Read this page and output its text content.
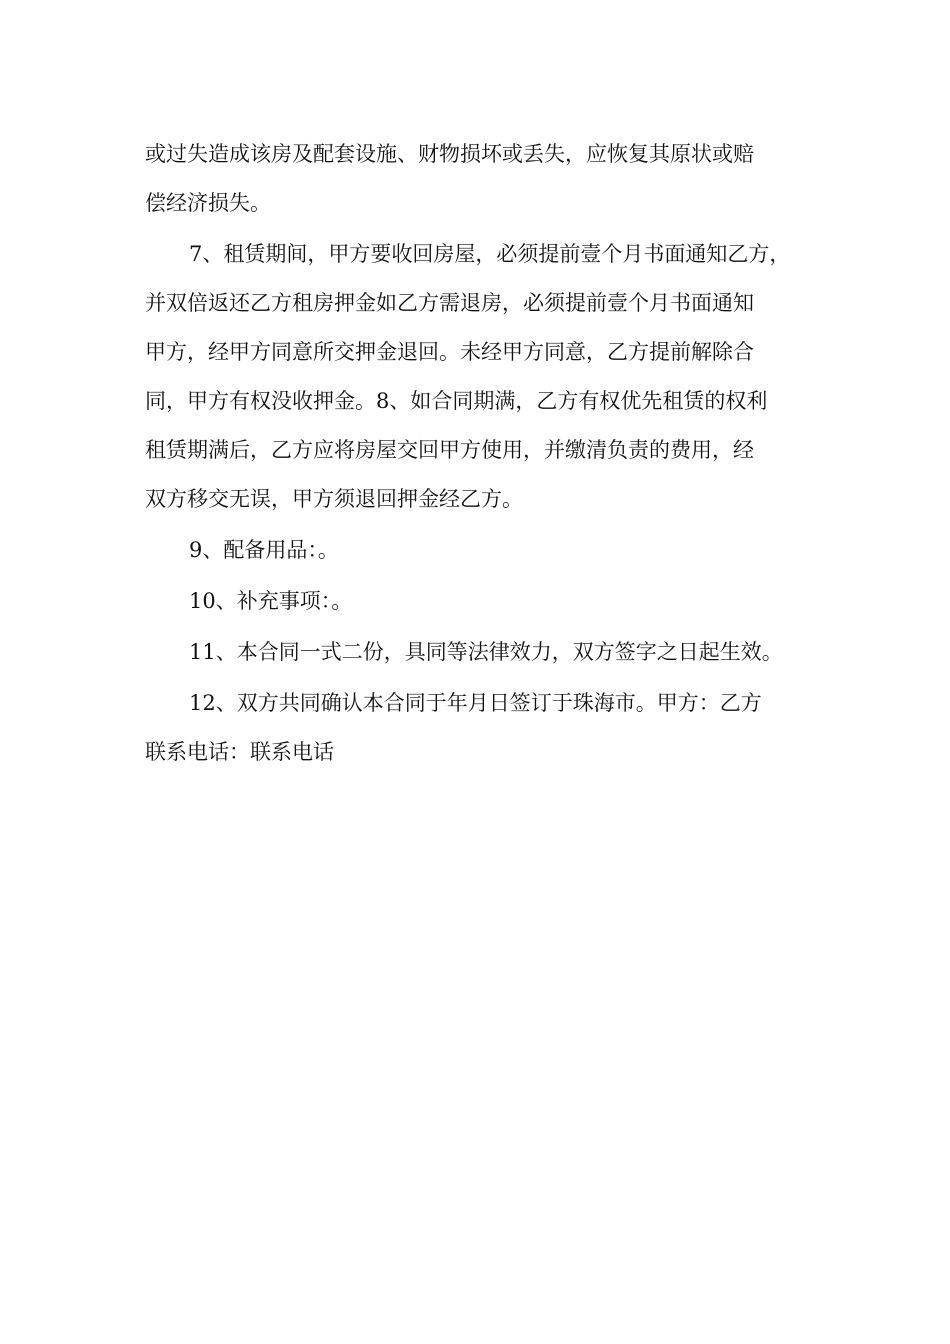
或过失造成该房及配套设施、财物损坏或丢失，应恢复其原状或赔
偿经济损失。
7、租赁期间，甲方要收回房屋，必须提前壹个月书面通知乙方，
并双倍返还乙方租房押金如乙方需退房，必须提前壹个月书面通知
甲方，经甲方同意所交押金退回。未经甲方同意，乙方提前解除合
同，甲方有权没收押金。8、如合同期满，乙方有权优先租赁的权利
租赁期满后，乙方应将房屋交回甲方使用，并缴清负责的费用，经
双方移交无误，甲方须退回押金经乙方。
9、配备用品：。
10、补充事项：。
11、本合同一式二份，具同等法律效力，双方签字之日起生效。
12、双方共同确认本合同于年月日签订于珠海市。甲方：乙方
联系电话：联系电话
